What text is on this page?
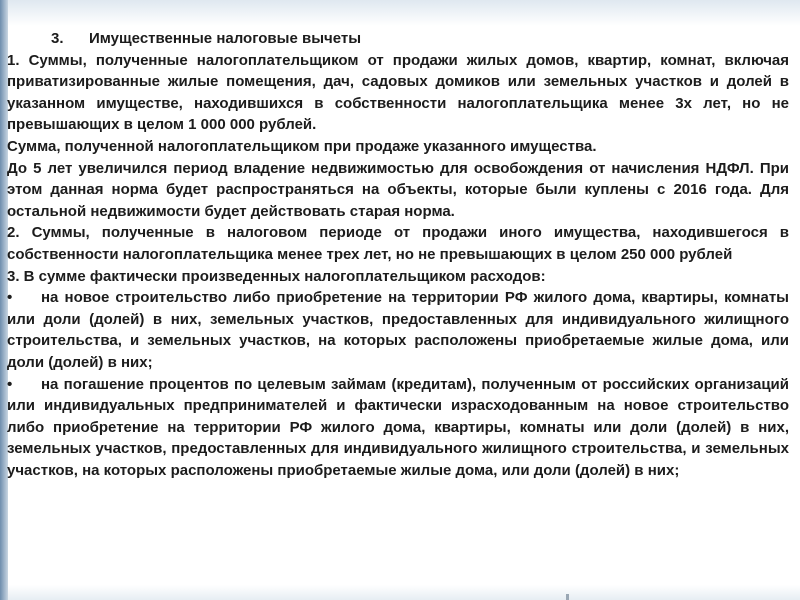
3. Имущественные налоговые вычеты

1. Суммы, полученные налогоплательщиком от продажи жилых домов, квартир, комнат, включая приватизированные жилые помещения, дач, садовых домиков или земельных участков и долей в указанном имуществе, находившихся в собственности налогоплательщика менее 3х лет, но не превышающих в целом 1 000 000 рублей.

Сумма, полученной налогоплательщиком при продаже указанного имущества.

До 5 лет увеличился период владение недвижимостью для освобождения от начисления НДФЛ. При этом данная норма будет распространяться на объекты, которые были куплены с 2016 года. Для остальной недвижимости будет действовать старая норма.

2. Суммы, полученные в налоговом периоде от продажи иного имущества, находившегося в собственности налогоплательщика менее трех лет, но не превышающих в целом 250 000 рублей

3. В сумме фактически произведенных налогоплательщиком расходов:

• на новое строительство либо приобретение на территории РФ жилого дома, квартиры, комнаты или доли (долей) в них, земельных участков, предоставленных для индивидуального жилищного строительства, и земельных участков, на которых расположены приобретаемые жилые дома, или доли (долей) в них;

• на погашение процентов по целевым займам (кредитам), полученным от российских организаций или индивидуальных предпринимателей и фактически израсходованным на новое строительство либо приобретение на территории РФ жилого дома, квартиры, комнаты или доли (долей) в них, земельных участков, предоставленных для индивидуального жилищного строительства, и земельных участков, на которых расположены приобретаемые жилые дома, или доли (долей) в них;
